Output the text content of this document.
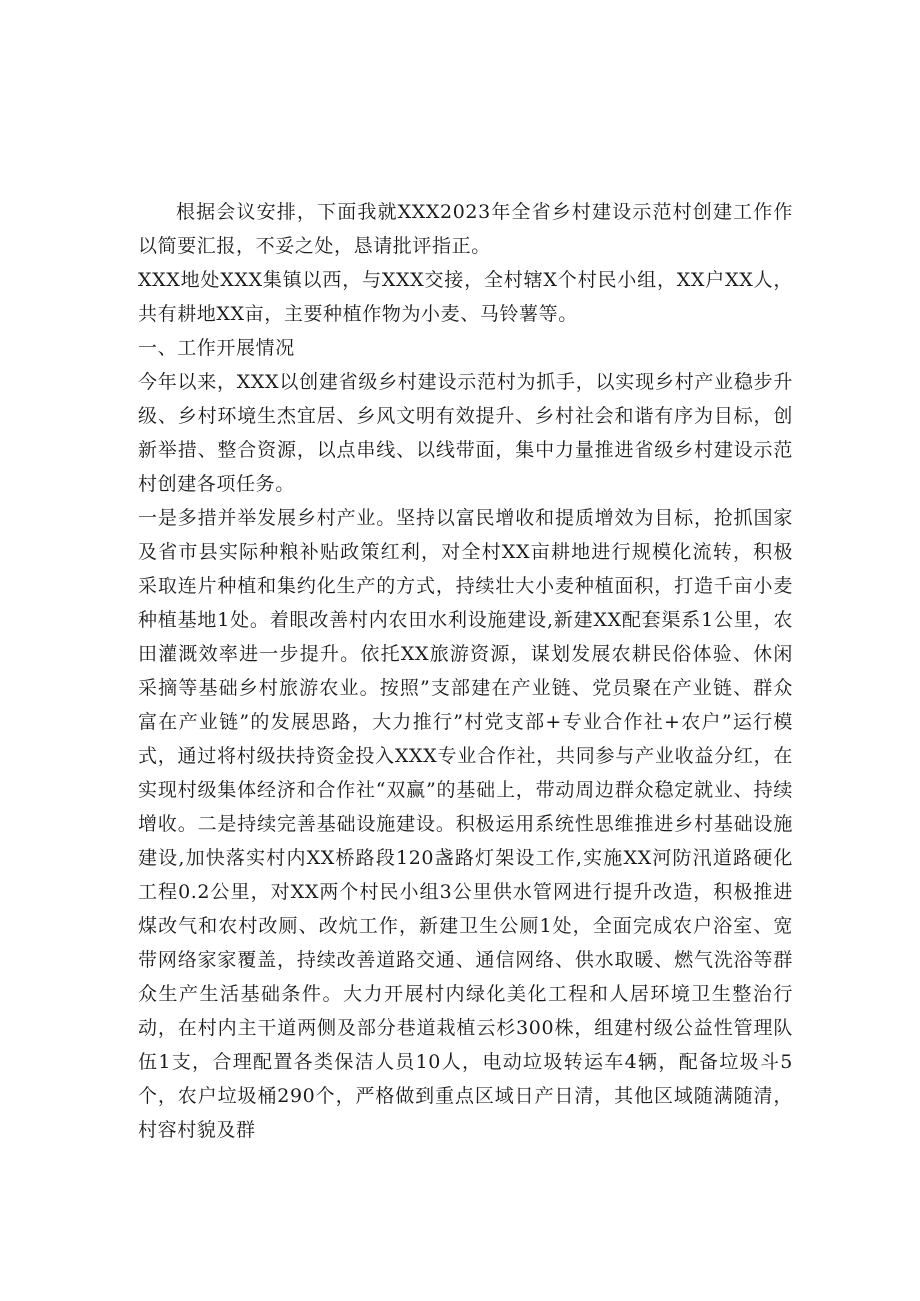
根据会议安排，下面我就XXX2023年全省乡村建设示范村创建工作作以简要汇报，不妥之处，恳请批评指正。

XXX地处XXX集镇以西，与XXX交接，全村辖X个村民小组，XX户XX人，共有耕地XX亩，主要种植作物为小麦、马铃薯等。

一、工作开展情况

今年以来，XXX以创建省级乡村建设示范村为抓手，以实现乡村产业稳步升级、乡村环境生杰宜居、乡风文明有效提升、乡村社会和谐有序为目标，创新举措、整合资源，以点串线、以线带面，集中力量推进省级乡村建设示范村创建各项任务。

一是多措并举发展乡村产业。坚持以富民增收和提质增效为目标，抢抓国家及省市县实际种粮补贴政策红利，对全村XX亩耕地进行规模化流转，积极采取连片种植和集约化生产的方式，持续壮大小麦种植面积，打造千亩小麦种植基地1处。着眼改善村内农田水利设施建设,新建XX配套渠系1公里，农田灌溉效率进一步提升。依托XX旅游资源，谋划发展农耕民俗体验、休闲采摘等基础乡村旅游农业。按照”支部建在产业链、党员聚在产业链、群众富在产业链”的发展思路，大力推行”村党支部+专业合作社+农户”运行模式，通过将村级扶持资金投入XXX专业合作社，共同参与产业收益分红，在实现村级集体经济和合作社“双赢”的基础上，带动周边群众稳定就业、持续增收。二是持续完善基础设施建设。积极运用系统性思维推进乡村基础设施建设,加快落实村内XX桥路段120盏路灯架设工作,实施XX河防汛道路硬化工程0.2公里，对XX两个村民小组3公里供水管网进行提升改造，积极推进煤改气和农村改厕、改炕工作，新建卫生公厕1处，全面完成农户浴室、宽带网络家家覆盖，持续改善道路交通、通信网络、供水取暖、燃气洗浴等群众生产生活基础条件。大力开展村内绿化美化工程和人居环境卫生整治行动，在村内主干道两侧及部分巷道栽植云杉300株，组建村级公益性管理队伍1支，合理配置各类保洁人员10人，电动垃圾转运车4辆，配备垃圾斗5个，农户垃圾桶290个，严格做到重点区域日产日清，其他区域随满随清，村容村貌及群
